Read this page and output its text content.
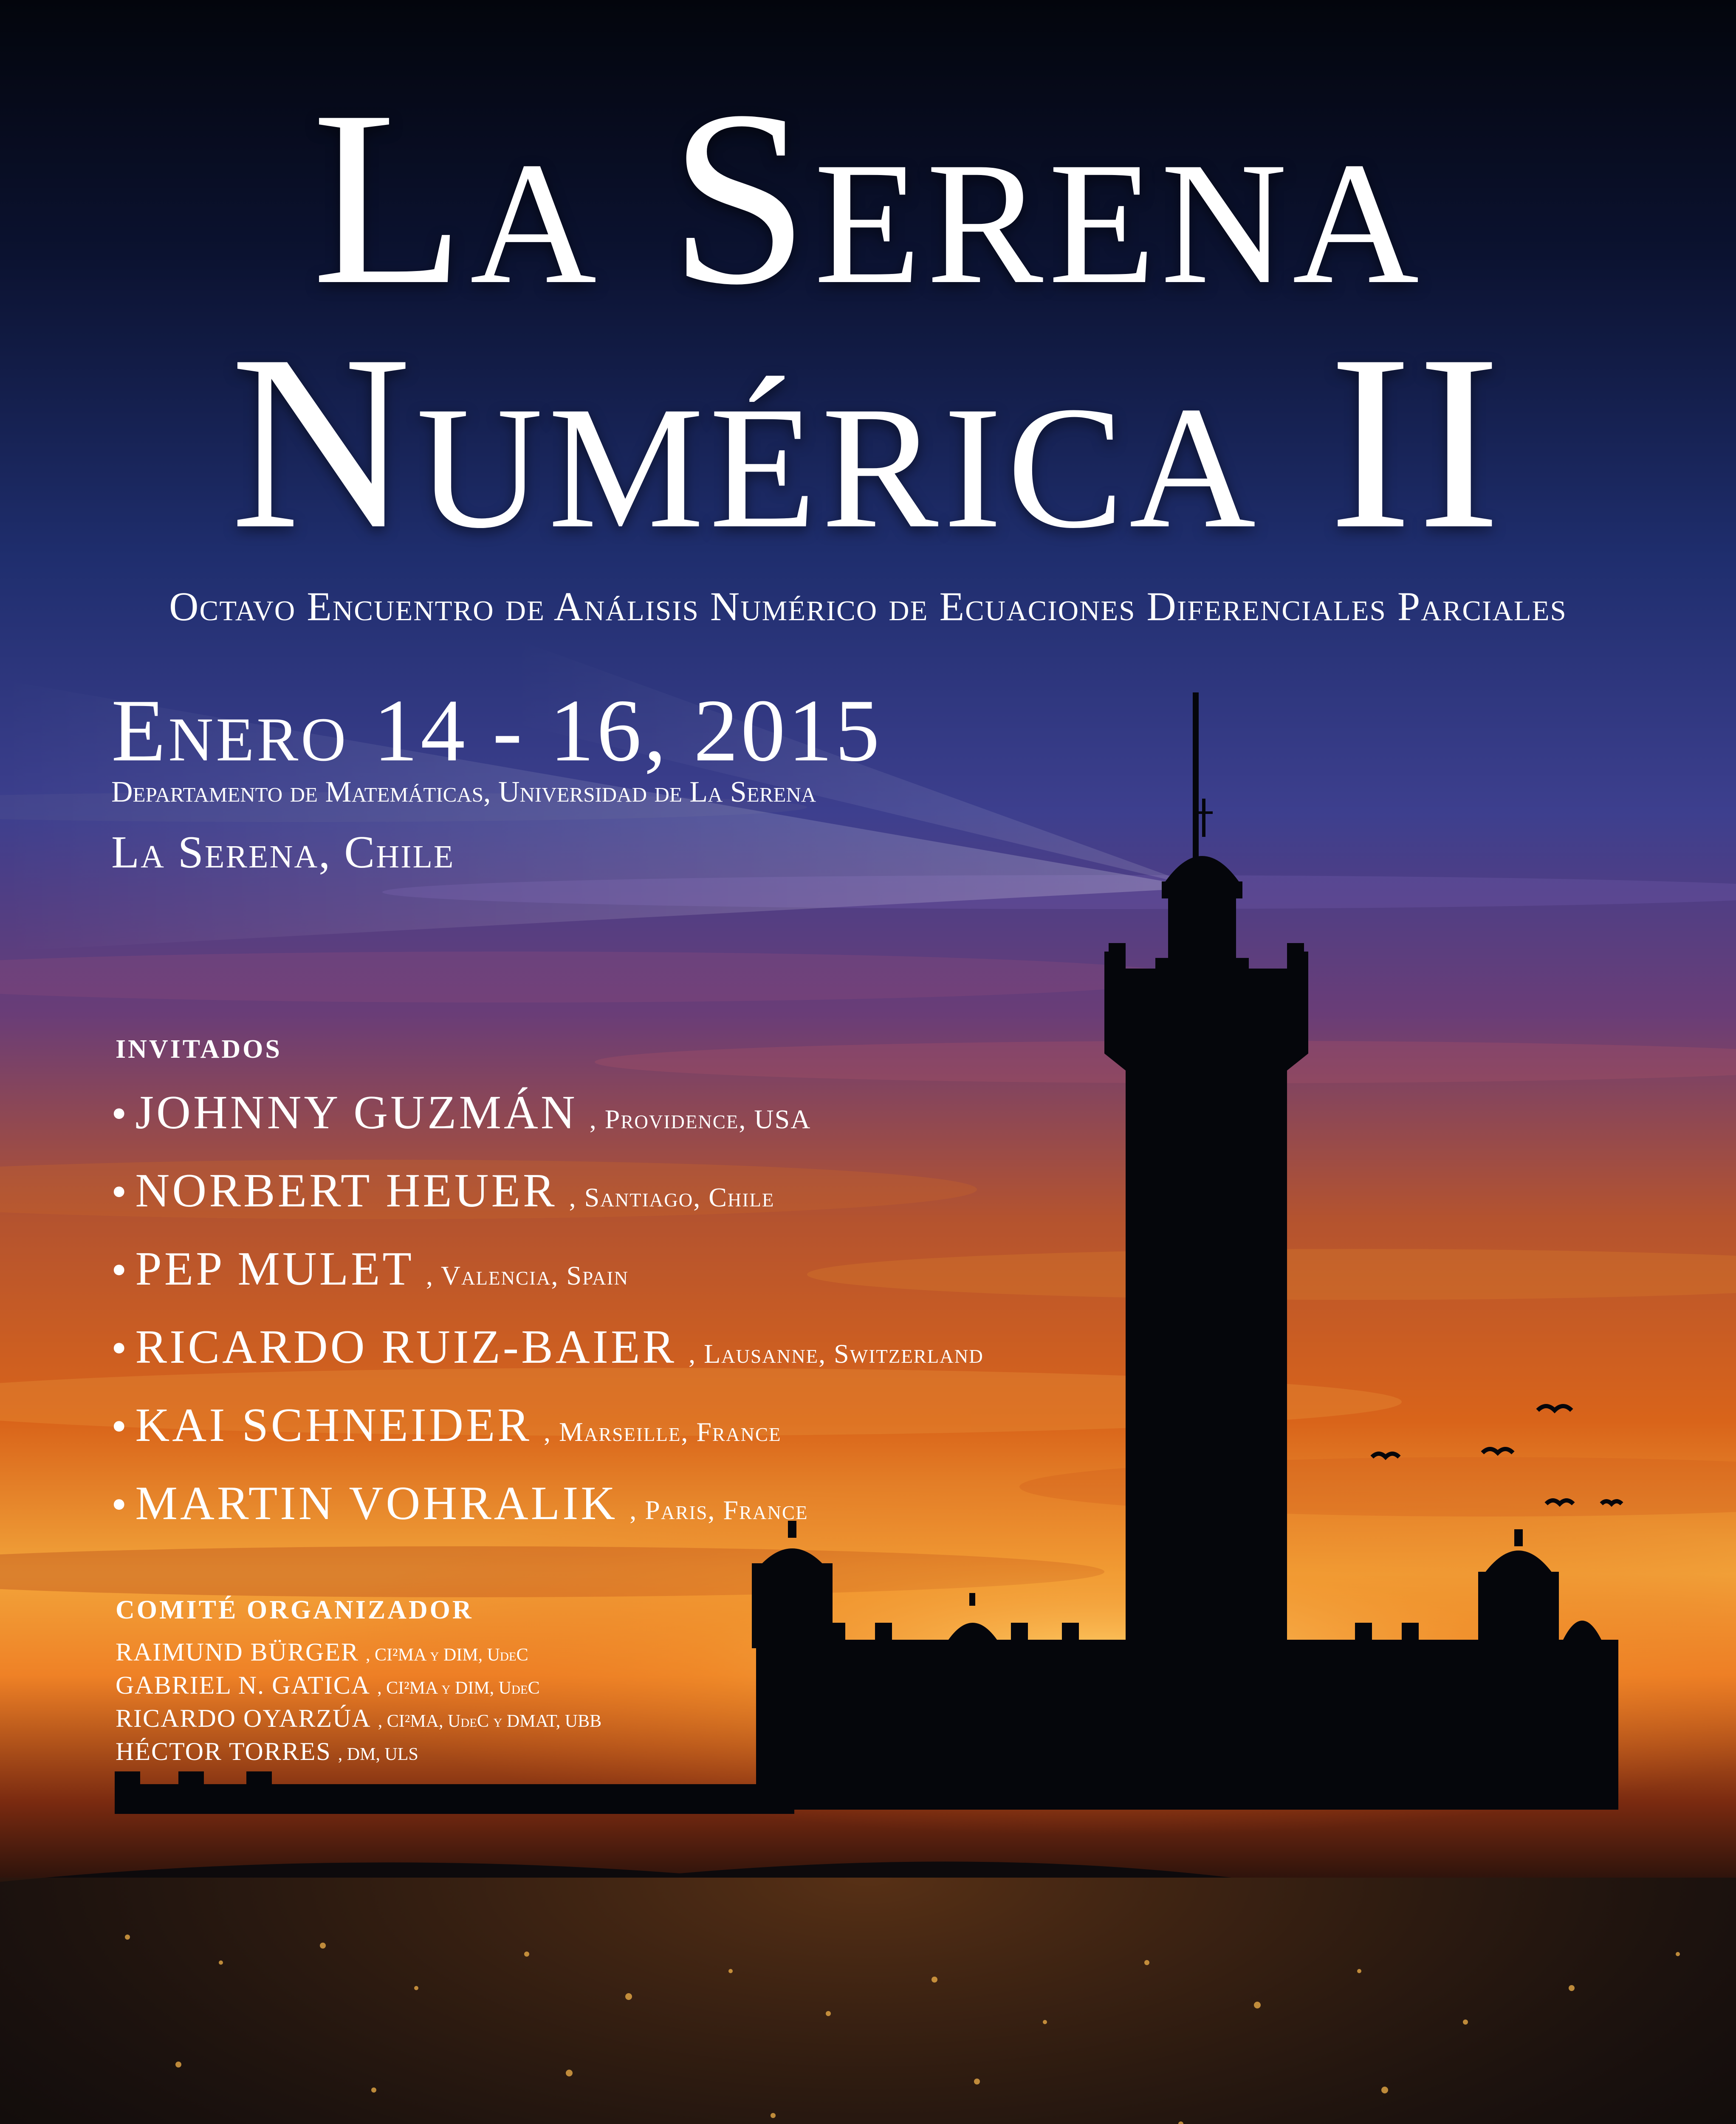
La Serena
Numérica II
Octavo Encuentro de Análisis Numérico de Ecuaciones Diferenciales Parciales
Enero 14 - 16, 2015
Departamento de Matemáticas, Universidad de La Serena
La Serena, Chile
INVITADOS
• JOHNNY GUZMÁN , Providence, USA
• NORBERT HEUER , Santiago, Chile
• PEP MULET , Valencia, Spain
• RICARDO RUIZ-BAIER , Lausanne, Switzerland
• KAI SCHNEIDER , Marseille, France
• MARTIN VOHRALIK , Paris, France
COMITÉ ORGANIZADOR
RAIMUND BÜRGER , CI²MA y DIM, UdeC
GABRIEL N. GATICA , CI²MA y DIM, UdeC
RICARDO OYARZÚA , CI²MA, UdeC y DMAT, UBB
HÉCTOR TORRES , DM, ULS
